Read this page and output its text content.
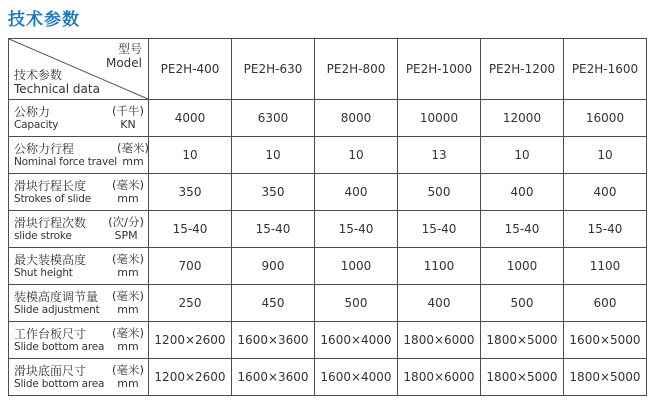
技术参数
型号
Model
技术参数
Technical data	PE2H-400	PE2H-630	PE2H-800	PE2H-1000	PE2H-1200	PE2H-1600

公称力
Capacity
(千牛)
KN	4000	6300	8000	10000	12000	16000

公称力行程
Nominal force travel
(毫米)
mm	10	10	10	13	10	10

滑块行程长度
Strokes of slide
(毫米)
mm	350	350	400	500	400	400

滑块行程次数
slide stroke
(次/分)
SPM	15-40	15-40	15-40	15-40	15-40	15-40

最大装模高度
Shut height
(毫米)
mm	700	900	1000	1100	1000	1100

装模高度调节量
Slide adjustment
(毫米)
mm	250	450	500	400	500	600

工作台板尺寸
Slide bottom area
(毫米)
mm	1200×2600	1600×3600	1600×4000	1800×6000	1800×5000	1600×5000

滑块底面尺寸
Slide bottom area
(毫米)
mm	1200×2600	1600×3600	1600×4000	1800×6000	1800×5000	1800×5000
